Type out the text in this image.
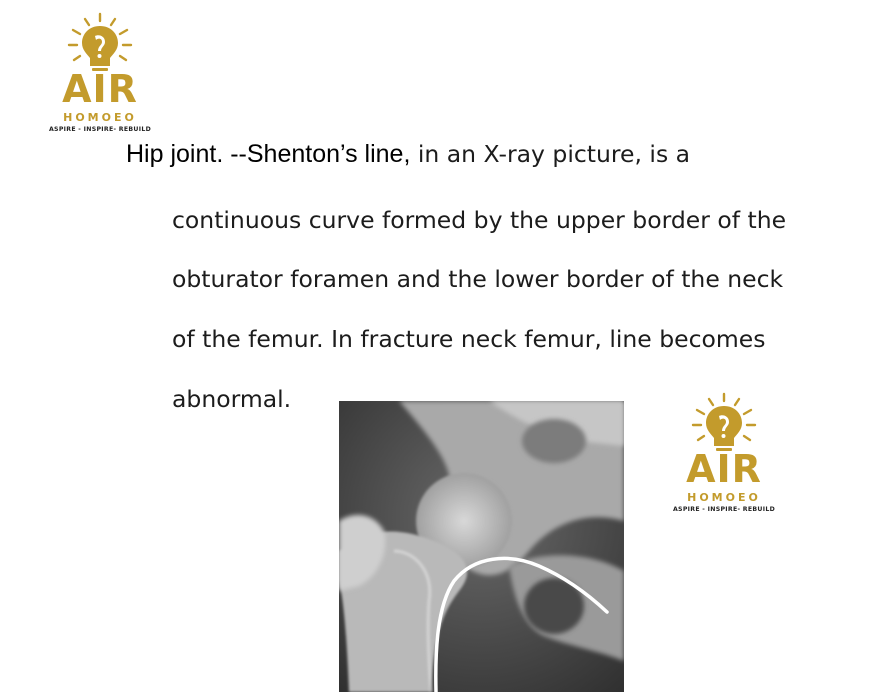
AIR
HOMOEO
ASPIRE - INSPIRE- REBUILD
Hip joint. --Shenton’s line, in an X-ray picture, is a
continuous curve formed by the upper border of the
obturator foramen and the lower border of the neck
of the femur. In fracture neck femur, line becomes
abnormal.
AIR
HOMOEO
ASPIRE - INSPIRE- REBUILD
